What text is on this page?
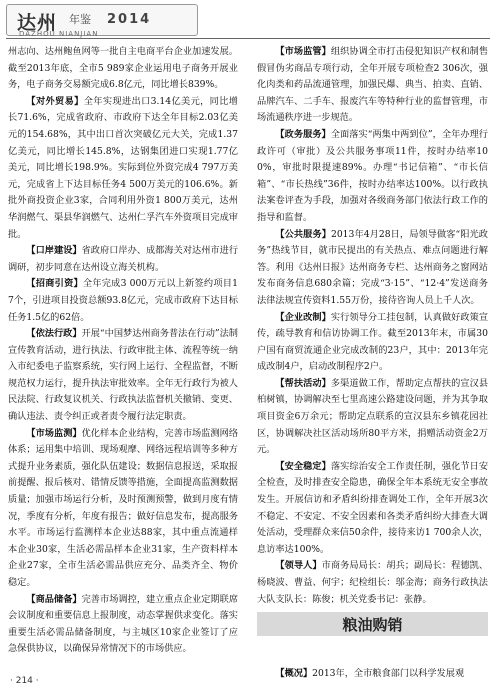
达州 年鉴 2014
DAZHOU NIANJIAN

州志向、达州鲍鱼网等一批自主电商平台企业加速发展。截至2013年底，全市5 989家企业运用电子商务开展业务，电子商务交易额完成6.8亿元，同比增长839%。

【对外贸易】全年实现进出口3.14亿美元，同比增长71.6%，完成省政府、市政府下达全年目标2.03亿美元的154.68%，其中出口首次突破亿元大关，完成1.37亿美元，同比增长145.8%，达钢集团进口实现1.77亿美元，同比增长198.9%。实际到位外资完成4 797万美元，完成省上下达目标任务4 500万美元的106.6%。新批外商投资企业3家，合同利用外资1 800万美元，达州华润燃气、渠县华润燃气、达州仁孚汽车外资项目完成审批。

【口岸建设】省政府口岸办、成都海关对达州市进行调研，初步同意在达州设立海关机构。

【招商引资】全年完成3 000万元以上新签约项目17个，引进项目投资总额93.8亿元，完成市政府下达目标任务1.5亿的62倍。

【依法行政】开展“中国梦达州商务普法在行动”法制宣传教育活动，进行执法、行政审批主体、流程等统一纳入市纪委电子监察系统，实行网上运行、全程监督，不断规范权力运行，提升执法审批效率。全年无行政行为被人民法院、行政复议机关、行政执法监督机关撤销、变更、确认违法、责令纠正或者责令履行法定职责。

【市场监测】优化样本企业结构，完善市场监测网络体系；运用集中培训、现场观摩、网络远程培训等多种方式提升业务素质，强化队伍建设；数据信息报送，采取报前提醒、报后核对、错情反馈等措施，全面提高监测数据质量；加强市场运行分析，及时预测预警，做到月度有情况，季度有分析，年度有报告；做好信息发布，提高服务水平。市场运行监测样本企业达88家，其中重点流通样本企业30家，生活必需品样本企业31家，生产资料样本企业27家，全市生活必需品供应充分、品类齐全、物价稳定。

【商品储备】完善市场调控，建立重点企业定期联席会议制度和重要信息上报制度，动态掌握供求变化。落实重要生活必需品储备制度，与主城区10家企业签订了应急保供协议，以确保异常情况下的市场供应。

【市场监管】组织协调全市打击侵犯知识产权和制售假冒伪劣商品专项行动，全年开展专项检查2 306次，强化肉类和药品流通管理，加强民爆、典当、拍卖、直销、品牌汽车、二手车、报废汽车等特种行业的监督管理，市场流通秩序进一步规范。

【政务服务】全面落实“两集中两到位”，全年办理行政许可（审批）及公共服务事项11件，按时办结率100%，审批时限提速89%。办理“书记信箱”、“市长信箱”、“市长热线”36件，按时办结率达100%。以行政执法案卷评查为手段，加强对各级商务部门依法行政工作的指导和监督。

【公共服务】2013年4月28日，局领导做客“阳光政务”热线节目，就市民提出的有关热点、难点问题进行解答。利用《达州日报》达州商务专栏、达州商务之窗网站发布商务信息680余篇；完成“3·15”、“12·4”发送商务法律法规宣传资料1.55万份，接待咨询人员上千人次。

【企业改制】实行领导分工挂包制，认真做好政策宣传，疏导教育和信访协调工作。截至2013年末，市属30户国有商贸流通企业完成改制的23户，其中：2013年完成改制4户，启动改制程序2户。

【帮扶活动】多渠道做工作，帮助定点帮扶的宣汉县柏树镇，协调解决至七里高速公路建设问题，并为其争取项目资金6万余元；帮助定点联系的宣汉县东乡镇花园社区，协调解决社区活动场所80平方米，捐赠活动资金2万元。

【安全稳定】落实综治安全工作责任制，强化节日安全检查，及时排查安全隐患，确保全年本系统无安全事故发生。开展信访和矛盾纠纷排查调处工作，全年开展3次不稳定、不安定、不安全因素和各类矛盾纠纷大排查大调处活动，受理群众来信50余件，接待来访1 700余人次，息访率达100%。

【领导人】市商务局局长：胡兵；副局长：程德凯、杨晓波、曹益、何宇；纪检组长：邬金海；商务行政执法大队支队长：陈俊；机关党委书记：张静。

粮油购销

【概况】2013年，全市粮食部门以科学发展观

· 214 ·
